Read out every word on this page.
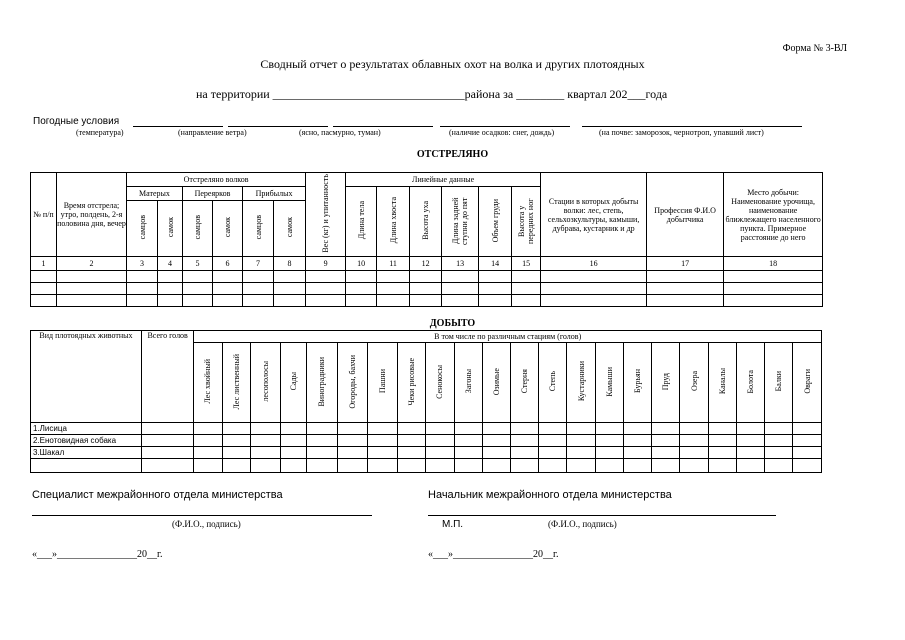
Форма № 3-ВЛ
Сводный отчет о результатах облавных охот на волка и других плотоядных
на территории ________________________________района за ________ квартал 202___года
Погодные условия
(температура)	(направление ветра)	(ясно, пасмурно, туман)	(наличие осадков: снег, дождь)	(на почве: заморозок, чернотроп, упавший лист)
ОТСТРЕЛЯНО
№ п/п	Время отстрела; утро, полдень, 2-я половина дня, вечер	Отстреляно волков						Вес (кг) и упитанность	Линейные данные						Стации в которых добыты волки: лес, степь, сельхозкультуры, камыши, дубрава, кустарник и др	Профессия Ф.И.О добытчика	Место добычи: Наименование урочища, наименование ближлежащего населенного пункта. Примерное расстояние до него
		Матерых		Переярков		Прибылых			Длина тела	Длина хвоста	Высота уха	Длина задней ступни до пят	Объем груди	Высота у передних ног			
		самцов	самок	самцов	самок	самцов	самок										
1	2	3	4	5	6	7	8	9	10	11	12	13	14	15	16	17	18

ДОБЫТО
Вид плотоядных животных	Всего голов	В том числе по различным стациям (голов)																					
		Лес хвойный	Лес лиственный	лесополосы	Сады	Виноградники	Огороды, бахчи	Пашни	Чеки рисовые	Сенокосы	Загоны	Озимые	Стерня	Степь	Кустарники	Камыши	Бурьян	Пруд	Озера	Каналы	Болота	Балки	Овраги
1.Лисица																							
2.Енотовидная собака																							
3.Шакал																							

Специалист межрайонного отдела министерства
(Ф.И.О., подпись)
«___»________________20__г.
Начальник межрайонного отдела министерства
М.П.	(Ф.И.О., подпись)
«___»________________20__г.
